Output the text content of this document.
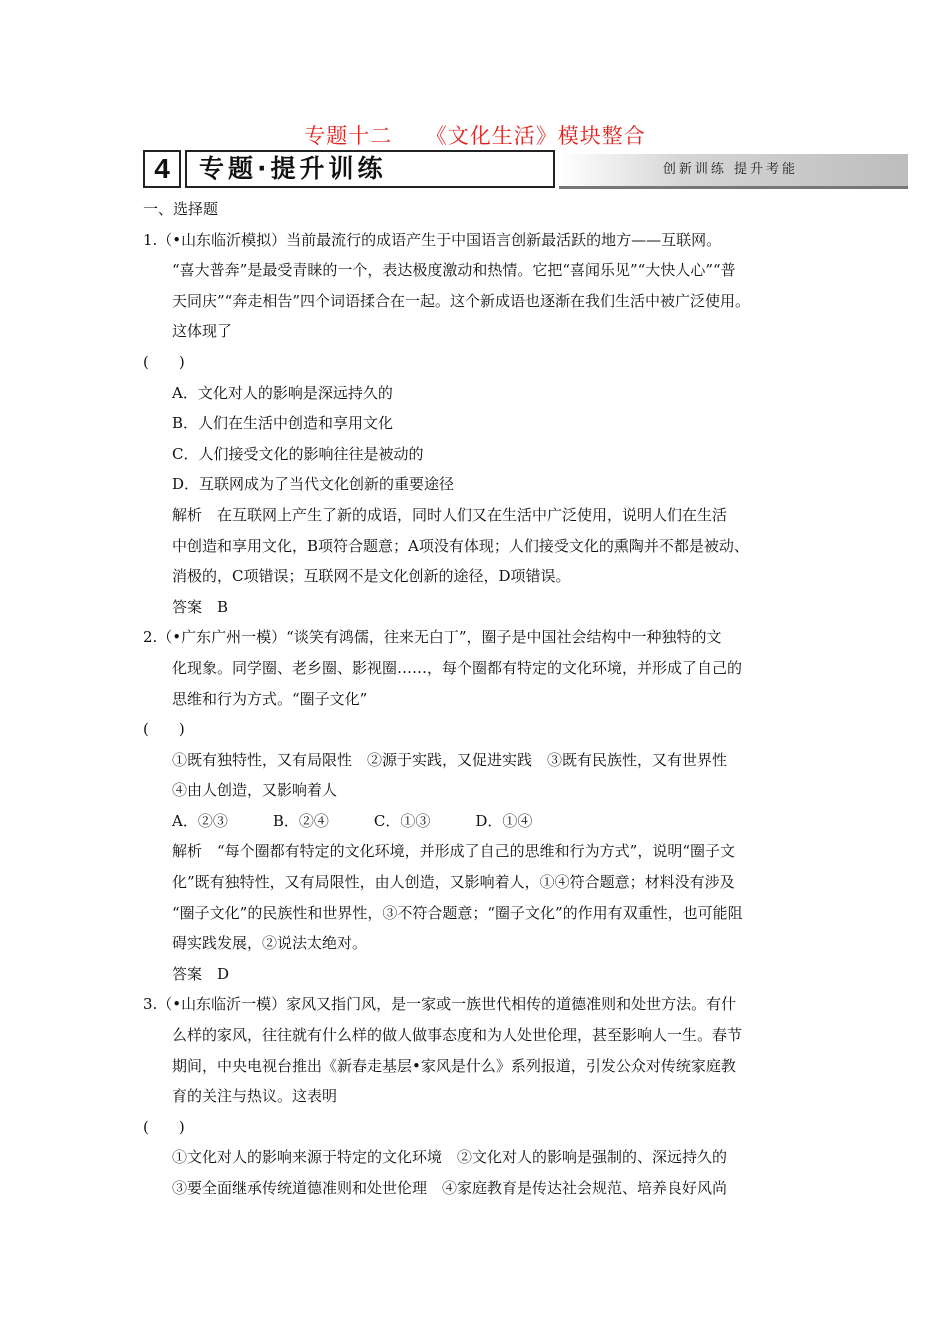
专题十二　　《文化生活》模块整合
4	专题·提升训练	创新训练 提升考能
一、选择题
1.（•山东临沂模拟）当前最流行的成语产生于中国语言创新最活跃的地方——互联网。
“喜大普奔”是最受青睐的一个，表达极度激动和热情。它把“喜闻乐见”“大快人心”“普
天同庆”“奔走相告”四个词语揉合在一起。这个新成语也逐渐在我们生活中被广泛使用。
这体现了
(　　)
A．文化对人的影响是深远持久的
B．人们在生活中创造和享用文化
C．人们接受文化的影响往往是被动的
D．互联网成为了当代文化创新的重要途径
解析　在互联网上产生了新的成语，同时人们又在生活中广泛使用，说明人们在生活
中创造和享用文化，B项符合题意；A项没有体现；人们接受文化的熏陶并不都是被动、
消极的，C项错误；互联网不是文化创新的途径，D项错误。
答案　B
2.（•广东广州一模）“谈笑有鸿儒，往来无白丁”，圈子是中国社会结构中一种独特的文
化现象。同学圈、老乡圈、影视圈……，每个圈都有特定的文化环境，并形成了自己的
思维和行为方式。“圈子文化”
(　　)
①既有独特性，又有局限性　②源于实践，又促进实践　③既有民族性，又有世界性
④由人创造，又影响着人
A．②③　　　B．②④　　　C．①③　　　D．①④
解析　“每个圈都有特定的文化环境，并形成了自己的思维和行为方式”，说明“圈子文
化”既有独特性，又有局限性，由人创造，又影响着人，①④符合题意；材料没有涉及
“圈子文化”的民族性和世界性，③不符合题意；“圈子文化”的作用有双重性，也可能阻
碍实践发展，②说法太绝对。
答案　D
3.（•山东临沂一模）家风又指门风，是一家或一族世代相传的道德准则和处世方法。有什
么样的家风，往往就有什么样的做人做事态度和为人处世伦理，甚至影响人一生。春节
期间，中央电视台推出《新春走基层•家风是什么》系列报道，引发公众对传统家庭教
育的关注与热议。这表明
(　　)
①文化对人的影响来源于特定的文化环境　②文化对人的影响是强制的、深远持久的
③要全面继承传统道德准则和处世伦理　④家庭教育是传达社会规范、培养良好风尚
